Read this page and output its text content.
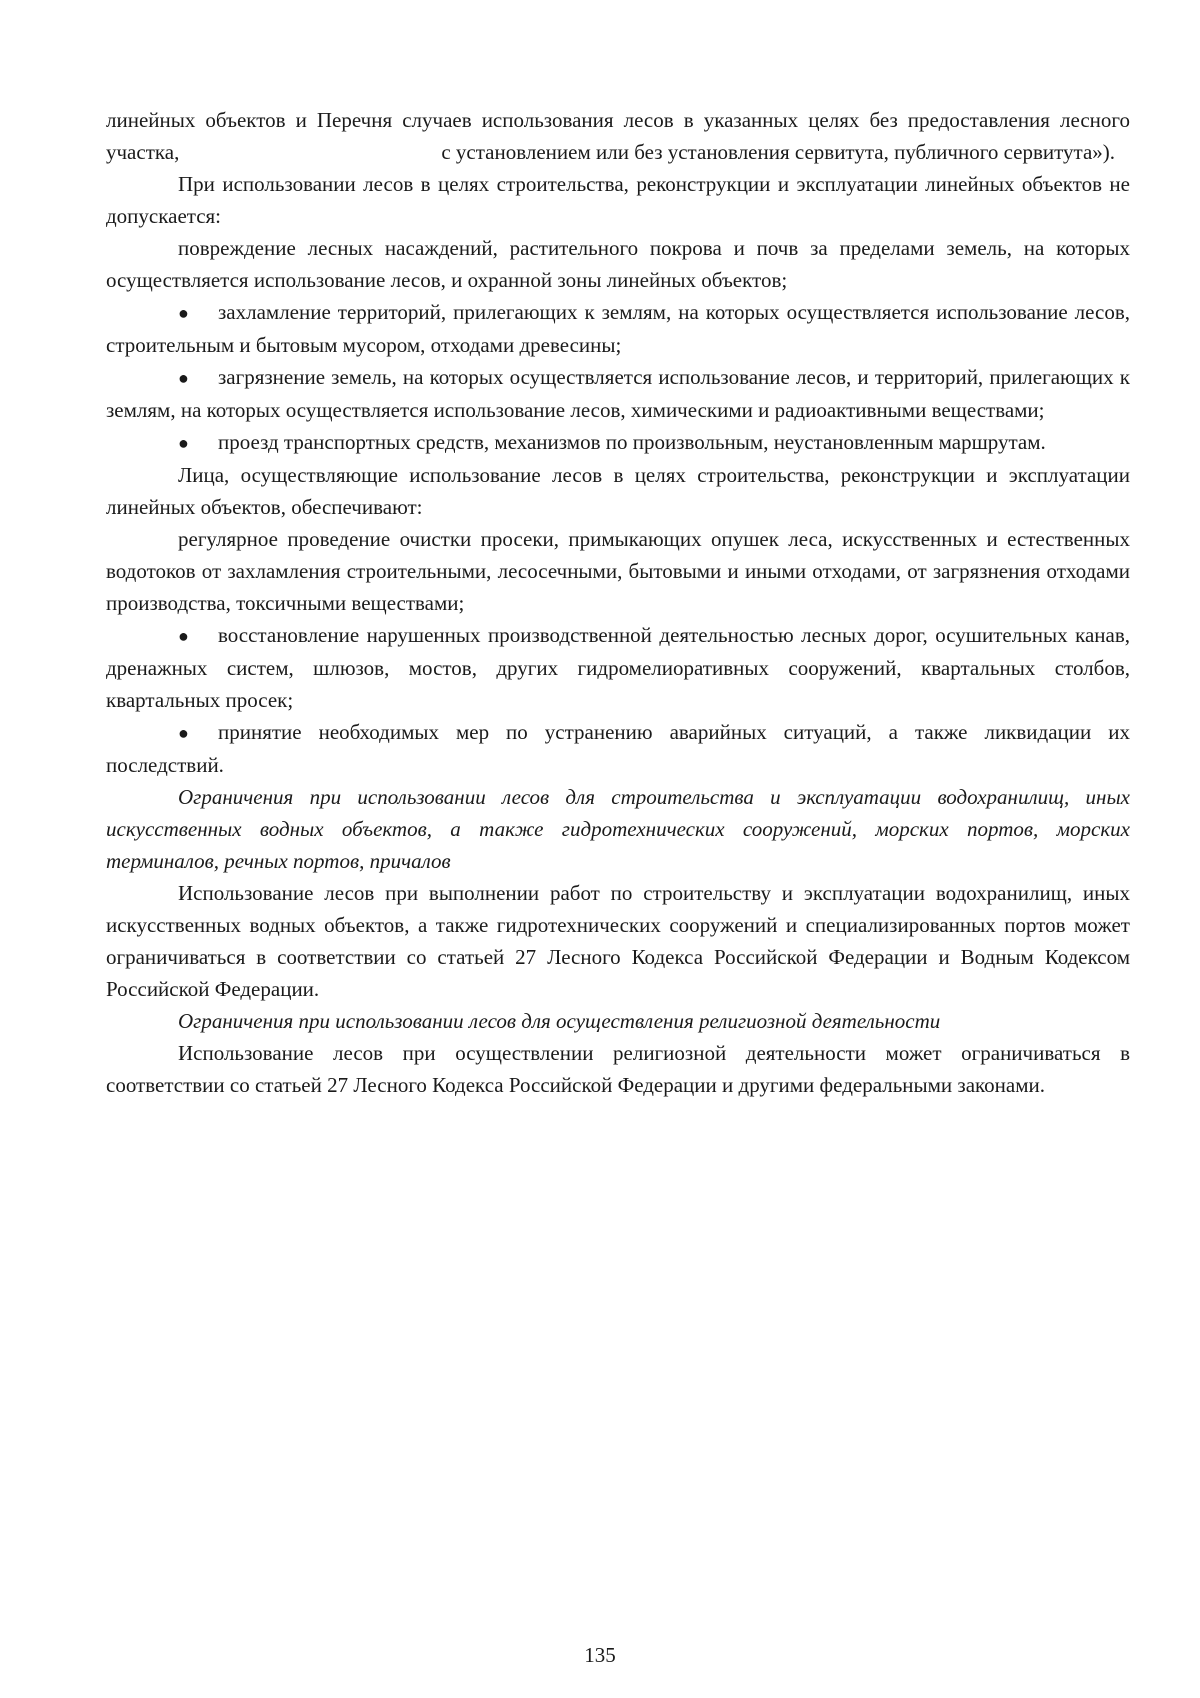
линейных объектов и Перечня случаев использования лесов в указанных целях без предоставления лесного участка,	с установлением или без установления сервитута, публичного сервитута»).

При использовании лесов в целях строительства, реконструкции и эксплуатации линейных объектов не допускается:

повреждение лесных насаждений, растительного покрова и почв за пределами земель, на которых осуществляется использование лесов, и охранной зоны линейных объектов;

● захламление территорий, прилегающих к землям, на которых осуществляется использование лесов, строительным и бытовым мусором, отходами древесины;

● загрязнение земель, на которых осуществляется использование лесов, и территорий, прилегающих к землям, на которых осуществляется использование лесов, химическими и радиоактивными веществами;

● проезд транспортных средств, механизмов по произвольным, неустановленным маршрутам.

Лица, осуществляющие использование лесов в целях строительства, реконструкции и эксплуатации линейных объектов, обеспечивают:

регулярное проведение очистки просеки, примыкающих опушек леса, искусственных и естественных водотоков от захламления строительными, лесосечными, бытовыми и иными отходами, от загрязнения отходами производства, токсичными веществами;

● восстановление нарушенных производственной деятельностью лесных дорог, осушительных канав, дренажных систем, шлюзов, мостов, других гидромелиоративных сооружений, квартальных столбов, квартальных просек;

● принятие необходимых мер по устранению аварийных ситуаций, а также ликвидации их последствий.

Ограничения при использовании лесов для строительства и эксплуатации водохранилищ, иных искусственных водных объектов, а также гидротехнических сооружений, морских портов, морских терминалов, речных портов, причалов

Использование лесов при выполнении работ по строительству и эксплуатации водохранилищ, иных искусственных водных объектов, а также гидротехнических сооружений и специализированных портов может ограничиваться в соответствии со статьей 27 Лесного Кодекса Российской Федерации и Водным Кодексом Российской Федерации.

Ограничения при использовании лесов для осуществления религиозной деятельности

Использование лесов при осуществлении религиозной деятельности может ограничиваться в соответствии со статьей 27 Лесного Кодекса Российской Федерации и другими федеральными законами.

135
